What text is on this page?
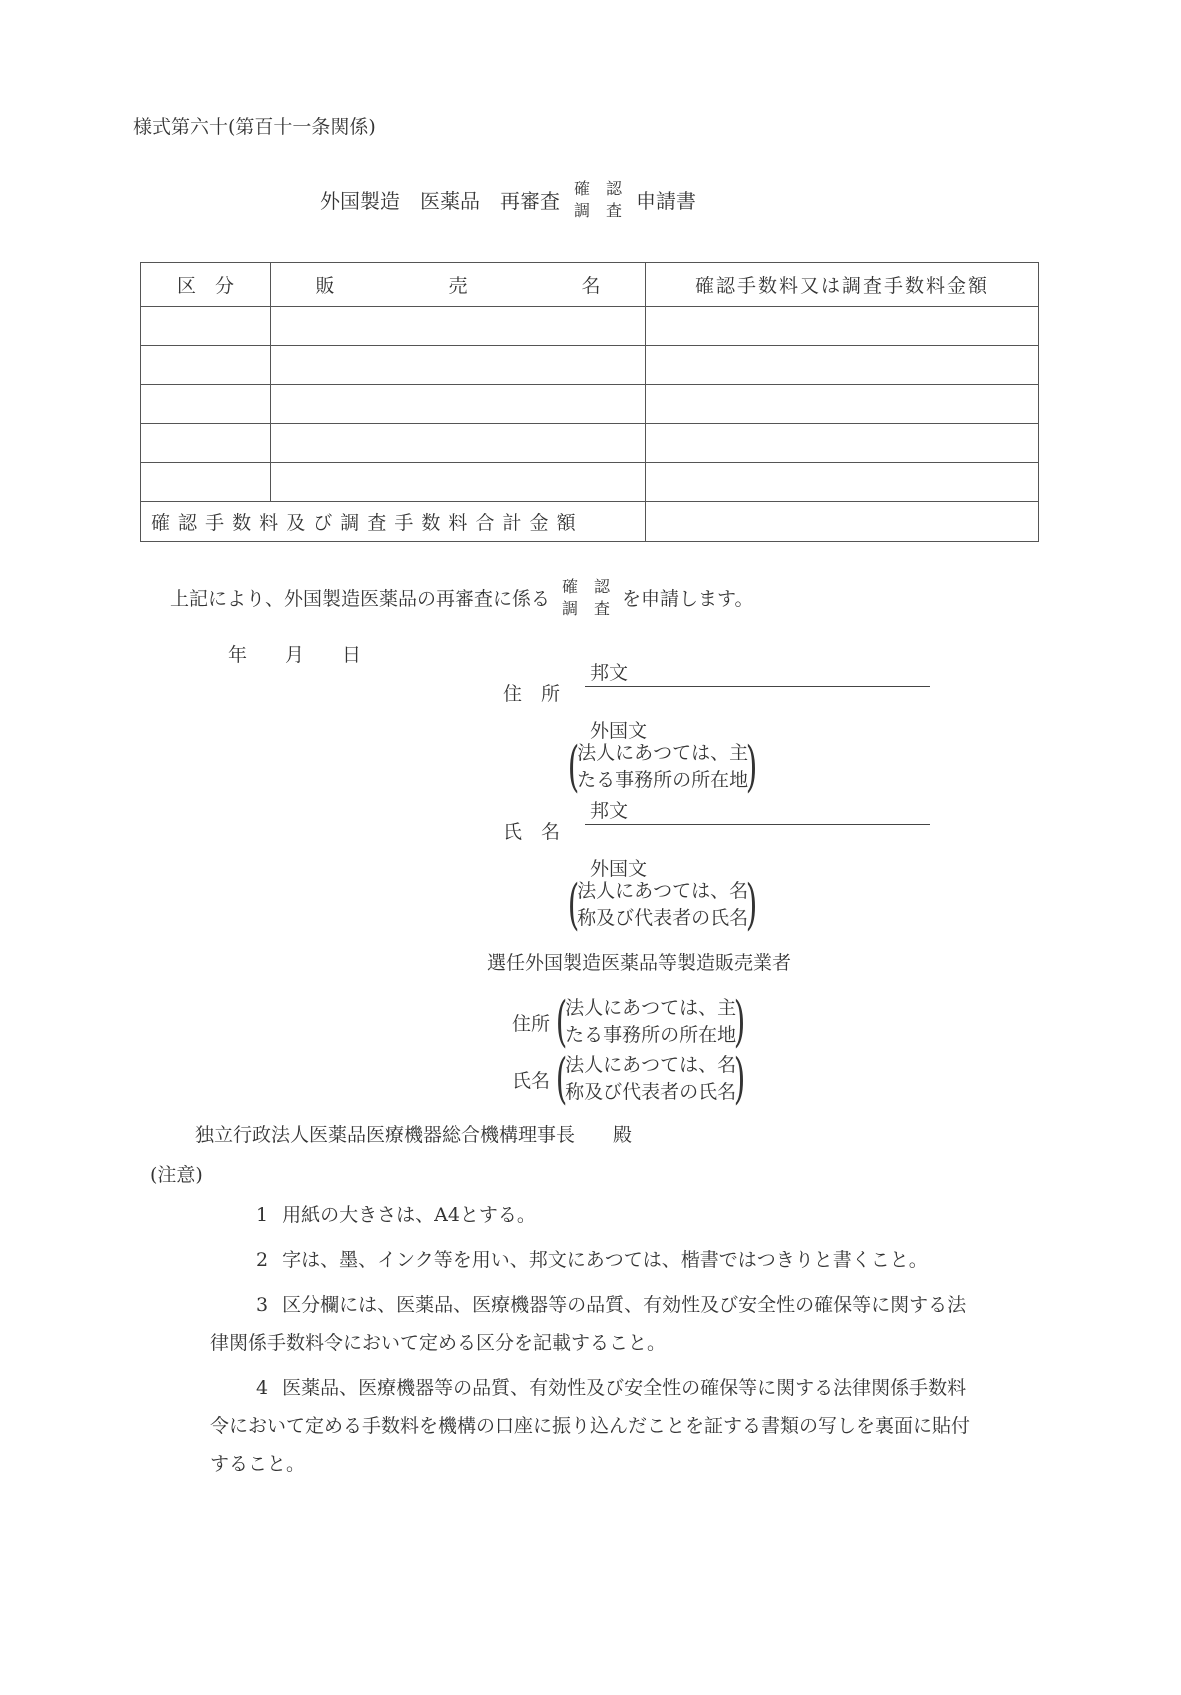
様式第六十(第百十一条関係)
外国製造　医薬品　再審査
確　認
調　査 申請書
区　分	販　　　　　　売　　　　　　名	確認手数料又は調査手数料金額

確 認 手 数 料 及 び 調 査 手 数 料 合 計 金 額		
上記により、外国製造医薬品の再審査に係る
確　認
調　査 を申請します。
年　　月　　日
住　所
邦文
外国文
(
法人にあつては、主
たる事務所の所在地
)
氏　名
邦文
外国文
(
法人にあつては、名
称及び代表者の氏名
)
選任外国製造医薬品等製造販売業者
住所 (
法人にあつては、主
たる事務所の所在地
)
氏名 (
法人にあつては、名
称及び代表者の氏名
)
独立行政法人医薬品医療機器総合機構理事長　　殿
(注意)
1 用紙の大きさは、A4とする。
2 字は、墨、インク等を用い、邦文にあつては、楷書ではつきりと書くこと。
3 区分欄には、医薬品、医療機器等の品質、有効性及び安全性の確保等に関する法律関係手数料令において定める区分を記載すること。
4 医薬品、医療機器等の品質、有効性及び安全性の確保等に関する法律関係手数料令において定める手数料を機構の口座に振り込んだことを証する書類の写しを裏面に貼付すること。
